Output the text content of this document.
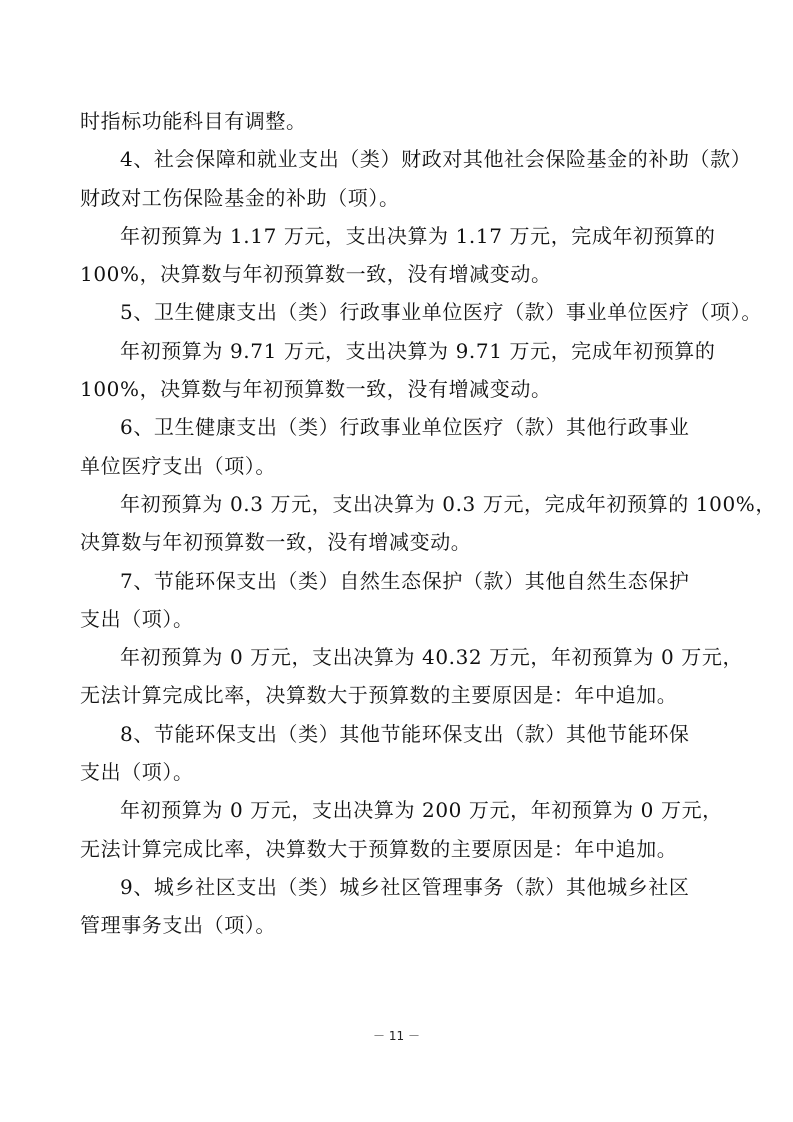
时指标功能科目有调整。
4、社会保障和就业支出（类）财政对其他社会保险基金的补助（款）
财政对工伤保险基金的补助（项）。
年初预算为 1.17 万元，支出决算为 1.17 万元，完成年初预算的
100%，决算数与年初预算数一致，没有增减变动。
5、卫生健康支出（类）行政事业单位医疗（款）事业单位医疗（项）。
年初预算为 9.71 万元，支出决算为 9.71 万元，完成年初预算的
100%，决算数与年初预算数一致，没有增减变动。
6、卫生健康支出（类）行政事业单位医疗（款）其他行政事业
单位医疗支出（项）。
年初预算为 0.3 万元，支出决算为 0.3 万元，完成年初预算的 100%，
决算数与年初预算数一致，没有增减变动。
7、节能环保支出（类）自然生态保护（款）其他自然生态保护
支出（项）。
年初预算为 0 万元，支出决算为 40.32 万元，年初预算为 0 万元，
无法计算完成比率，决算数大于预算数的主要原因是：年中追加。
8、节能环保支出（类）其他节能环保支出（款）其他节能环保
支出（项）。
年初预算为 0 万元，支出决算为 200 万元，年初预算为 0 万元，
无法计算完成比率，决算数大于预算数的主要原因是：年中追加。
9、城乡社区支出（类）城乡社区管理事务（款）其他城乡社区
管理事务支出（项）。
－ 11 －
